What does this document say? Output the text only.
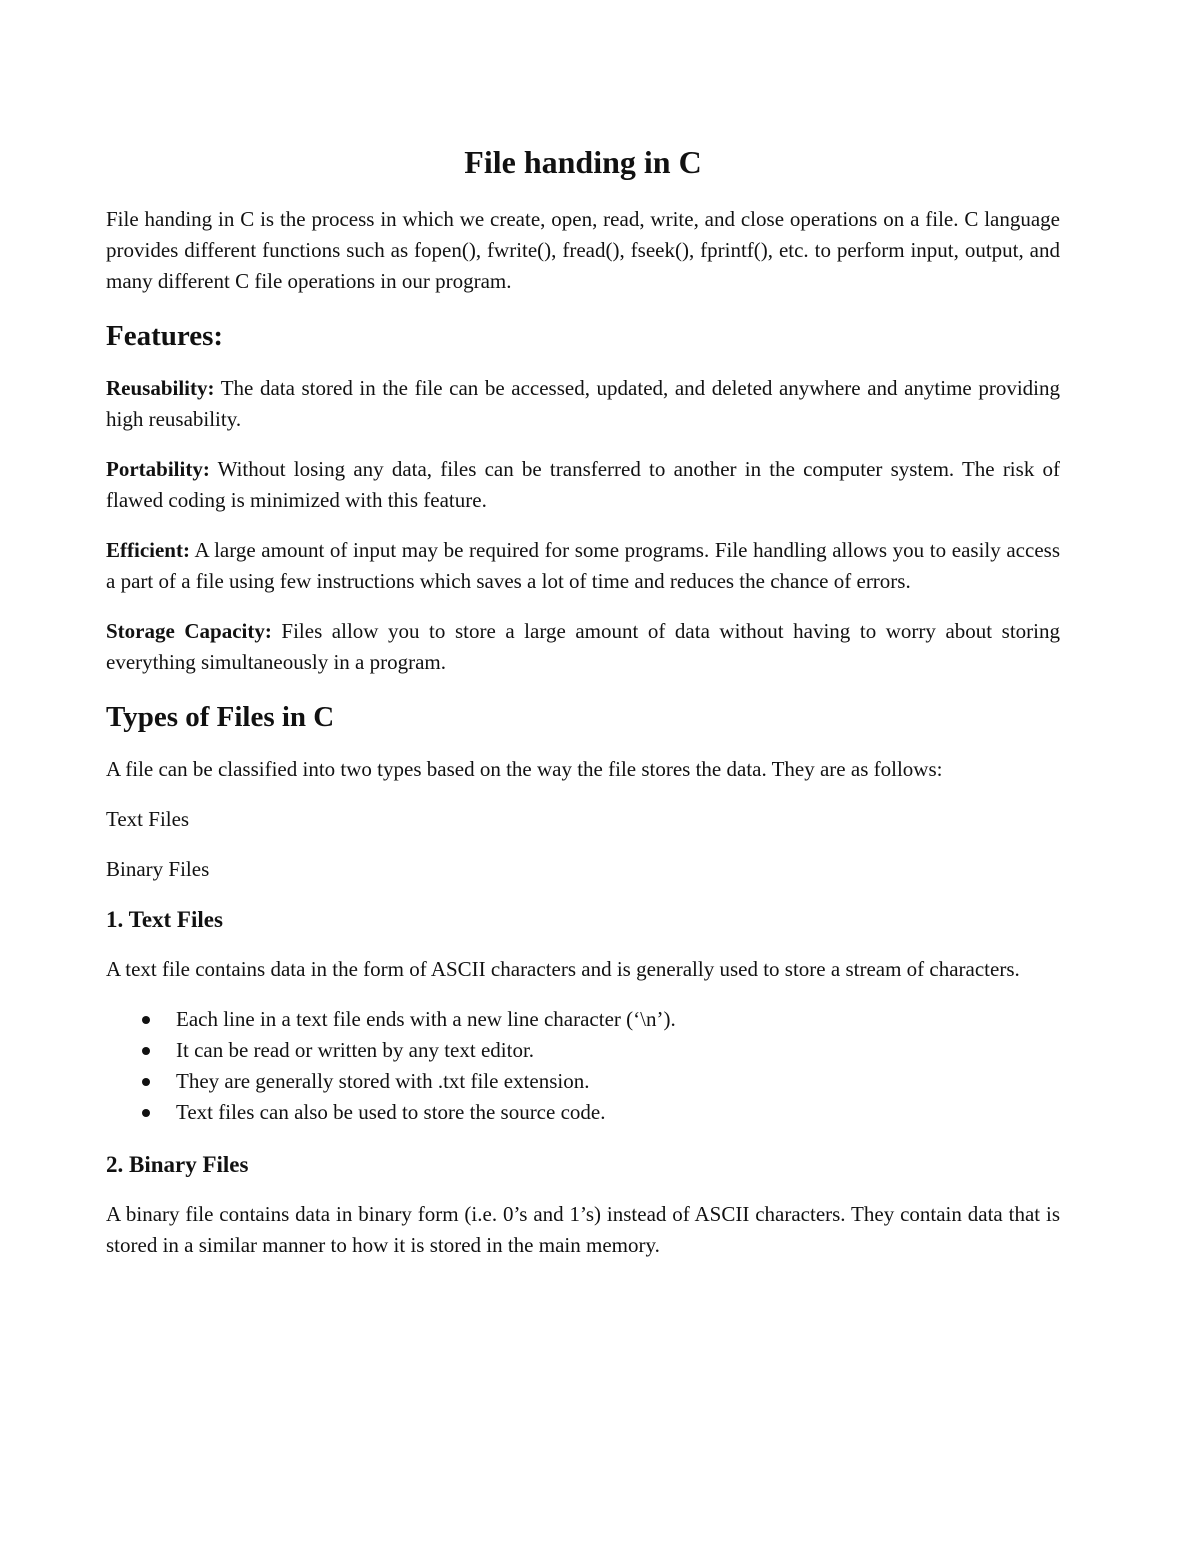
File handing in C

File handing in C is the process in which we create, open, read, write, and close operations on a file. C language provides different functions such as fopen(), fwrite(), fread(), fseek(), fprintf(), etc. to perform input, output, and many different C file operations in our program.

Features:

Reusability: The data stored in the file can be accessed, updated, and deleted anywhere and anytime providing high reusability.

Portability: Without losing any data, files can be transferred to another in the computer system. The risk of flawed coding is minimized with this feature.

Efficient: A large amount of input may be required for some programs. File handling allows you to easily access a part of a file using few instructions which saves a lot of time and reduces the chance of errors.

Storage Capacity: Files allow you to store a large amount of data without having to worry about storing everything simultaneously in a program.

Types of Files in C

A file can be classified into two types based on the way the file stores the data. They are as follows:

Text Files

Binary Files

1. Text Files

A text file contains data in the form of ASCII characters and is generally used to store a stream of characters.

Each line in a text file ends with a new line character (‘\n’).
It can be read or written by any text editor.
They are generally stored with .txt file extension.
Text files can also be used to store the source code.
2. Binary Files

A binary file contains data in binary form (i.e. 0’s and 1’s) instead of ASCII characters. They contain data that is stored in a similar manner to how it is stored in the main memory.
